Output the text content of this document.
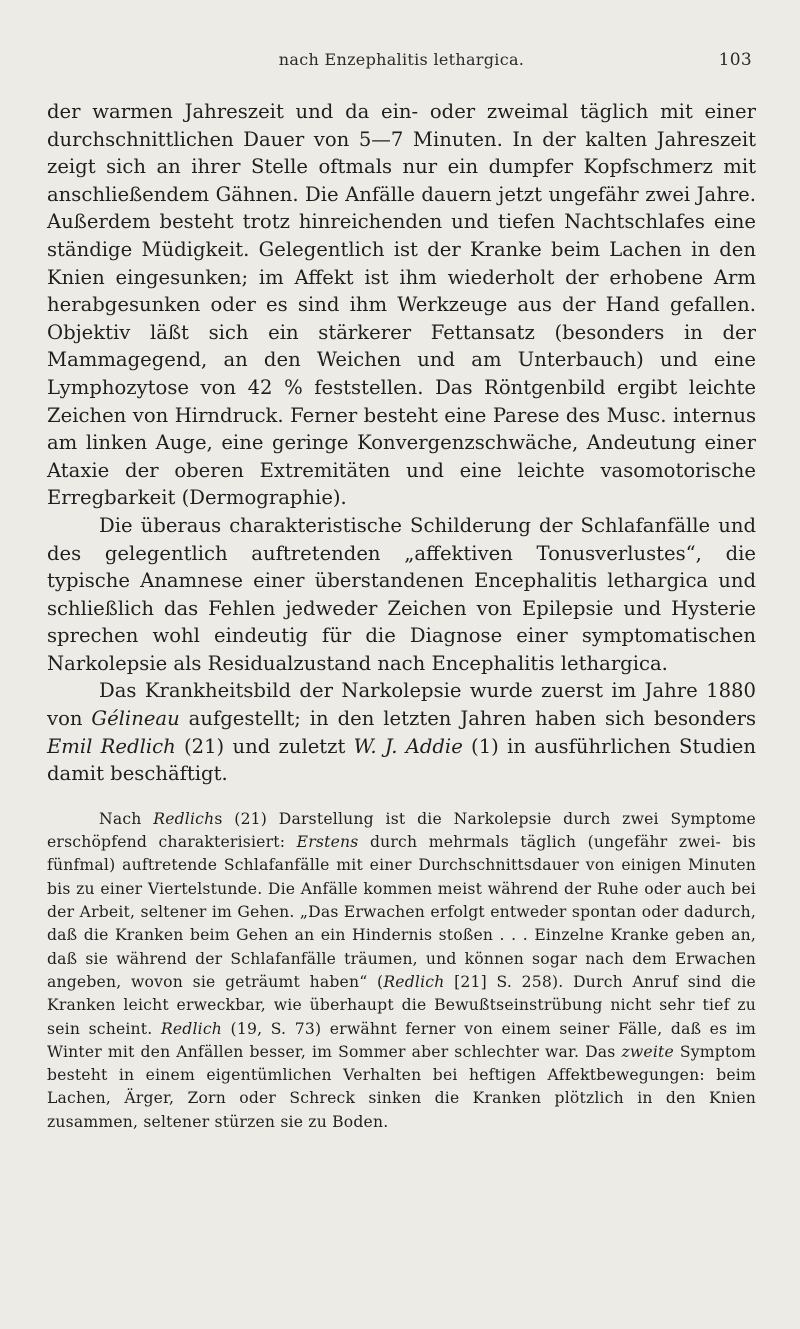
nach Enzephalitis lethargica.	103

der warmen Jahreszeit und da ein- oder zweimal täglich mit einer durchschnittlichen Dauer von 5—7 Minuten. In der kalten Jahreszeit zeigt sich an ihrer Stelle oftmals nur ein dumpfer Kopfschmerz mit anschließendem Gähnen. Die Anfälle dauern jetzt ungefähr zwei Jahre. Außerdem besteht trotz hinreichenden und tiefen Nachtschlafes eine ständige Müdigkeit. Gelegentlich ist der Kranke beim Lachen in den Knien eingesunken; im Affekt ist ihm wiederholt der erhobene Arm herabgesunken oder es sind ihm Werkzeuge aus der Hand gefallen. Objektiv läßt sich ein stärkerer Fettansatz (besonders in der Mammagegend, an den Weichen und am Unterbauch) und eine Lymphozytose von 42 % feststellen. Das Röntgenbild ergibt leichte Zeichen von Hirndruck. Ferner besteht eine Parese des Musc. internus am linken Auge, eine geringe Konvergenzschwäche, Andeutung einer Ataxie der oberen Extremitäten und eine leichte vasomotorische Erregbarkeit (Dermographie).

Die überaus charakteristische Schilderung der Schlafanfälle und des gelegentlich auftretenden „affektiven Tonusverlustes“, die typische Anamnese einer überstandenen Encephalitis lethargica und schließlich das Fehlen jedweder Zeichen von Epilepsie und Hysterie sprechen wohl eindeutig für die Diagnose einer symptomatischen Narkolepsie als Residualzustand nach Encephalitis lethargica.

Das Krankheitsbild der Narkolepsie wurde zuerst im Jahre 1880 von Gélineau aufgestellt; in den letzten Jahren haben sich besonders Emil Redlich (21) und zuletzt W. J. Addie (1) in ausführlichen Studien damit beschäftigt.

Nach Redlichs (21) Darstellung ist die Narkolepsie durch zwei Symptome erschöpfend charakterisiert: Erstens durch mehrmals täglich (ungefähr zwei- bis fünfmal) auftretende Schlafanfälle mit einer Durchschnittsdauer von einigen Minuten bis zu einer Viertelstunde. Die Anfälle kommen meist während der Ruhe oder auch bei der Arbeit, seltener im Gehen. „Das Erwachen erfolgt entweder spontan oder dadurch, daß die Kranken beim Gehen an ein Hindernis stoßen . . . Einzelne Kranke geben an, daß sie während der Schlafanfälle träumen, und können sogar nach dem Erwachen angeben, wovon sie geträumt haben“ (Redlich [21] S. 258). Durch Anruf sind die Kranken leicht erweckbar, wie überhaupt die Bewußtseinstrübung nicht sehr tief zu sein scheint. Redlich (19, S. 73) erwähnt ferner von einem seiner Fälle, daß es im Winter mit den Anfällen besser, im Sommer aber schlechter war. Das zweite Symptom besteht in einem eigentümlichen Verhalten bei heftigen Affektbewegungen: beim Lachen, Ärger, Zorn oder Schreck sinken die Kranken plötzlich in den Knien zusammen, seltener stürzen sie zu Boden.
